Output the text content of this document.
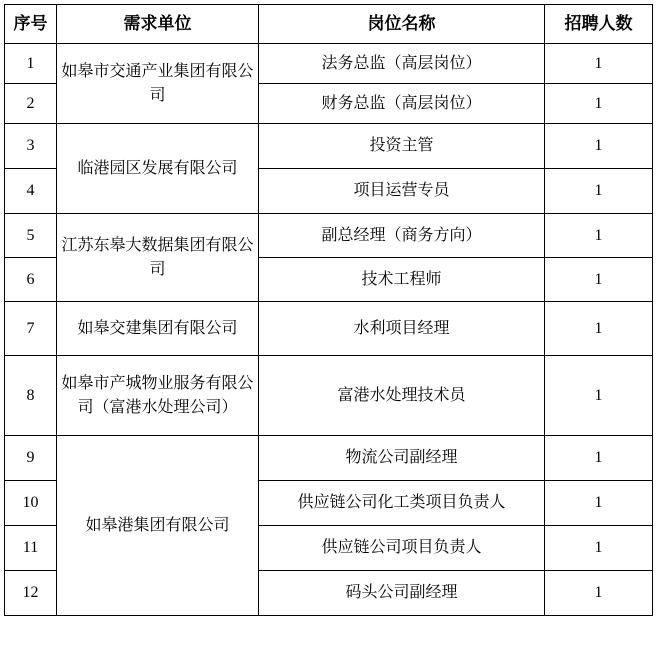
序号	需求单位	岗位名称	招聘人数
1	如皋市交通产业集团有限公司	法务总监（高层岗位）	1
2		财务总监（高层岗位）	1
3	临港园区发展有限公司	投资主管	1
4		项目运营专员	1
5	江苏东皋大数据集团有限公司	副总经理（商务方向）	1
6		技术工程师	1
7	如皋交建集团有限公司	水利项目经理	1
8	如皋市产城物业服务有限公司（富港水处理公司）	富港水处理技术员	1
9	如皋港集团有限公司	物流公司副经理	1
10		供应链公司化工类项目负责人	1
11		供应链公司项目负责人	1
12		码头公司副经理	1
